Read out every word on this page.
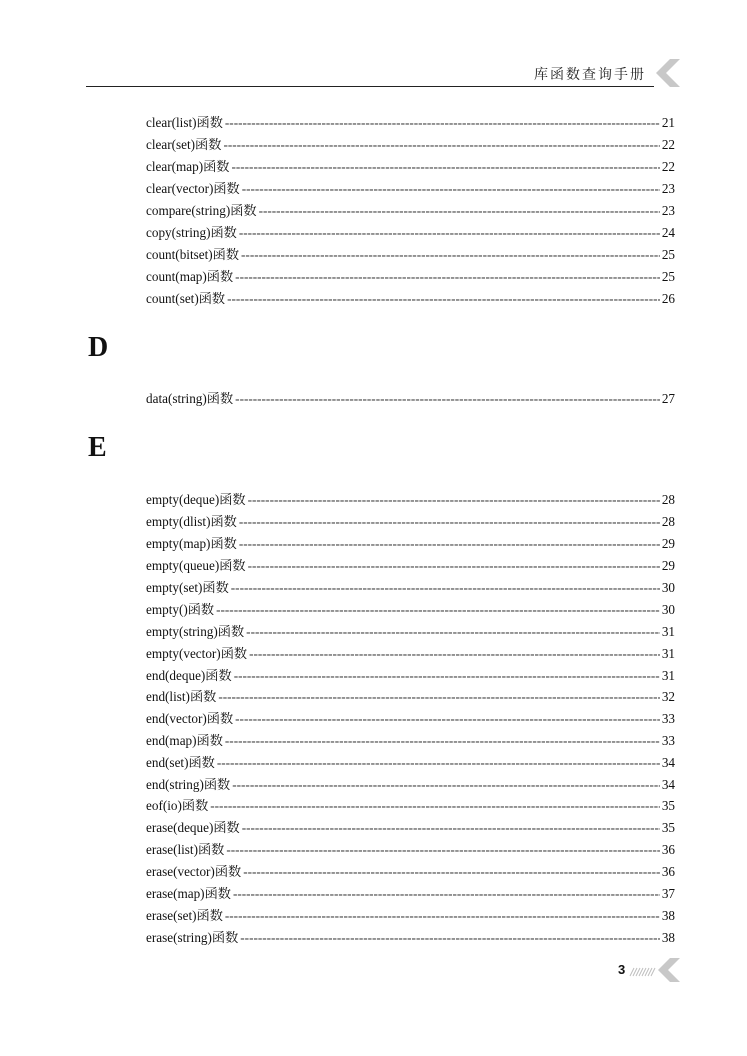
库函数查询手册
clear(list)函数 -----	21
clear(set)函数 -----	22
clear(map)函数 -----	22
clear(vector)函数 -----	23
compare(string)函数 -----	23
copy(string)函数 -----	24
count(bitset)函数 -----	25
count(map)函数 -----	25
count(set)函数 -----	26
D
data(string)函数 -----	27
E
empty(deque)函数 -----	28
empty(dlist)函数 -----	28
empty(map)函数 -----	29
empty(queue)函数 -----	29
empty(set)函数 -----	30
empty()函数 -----	30
empty(string)函数 -----	31
empty(vector)函数 -----	31
end(deque)函数 -----	31
end(list)函数 -----	32
end(vector)函数 -----	33
end(map)函数 -----	33
end(set)函数 -----	34
end(string)函数 -----	34
eof(io)函数 -----	35
erase(deque)函数 -----	35
erase(list)函数 -----	36
erase(vector)函数 -----	36
erase(map)函数 -----	37
erase(set)函数 -----	38
erase(string)函数 -----	38
3
